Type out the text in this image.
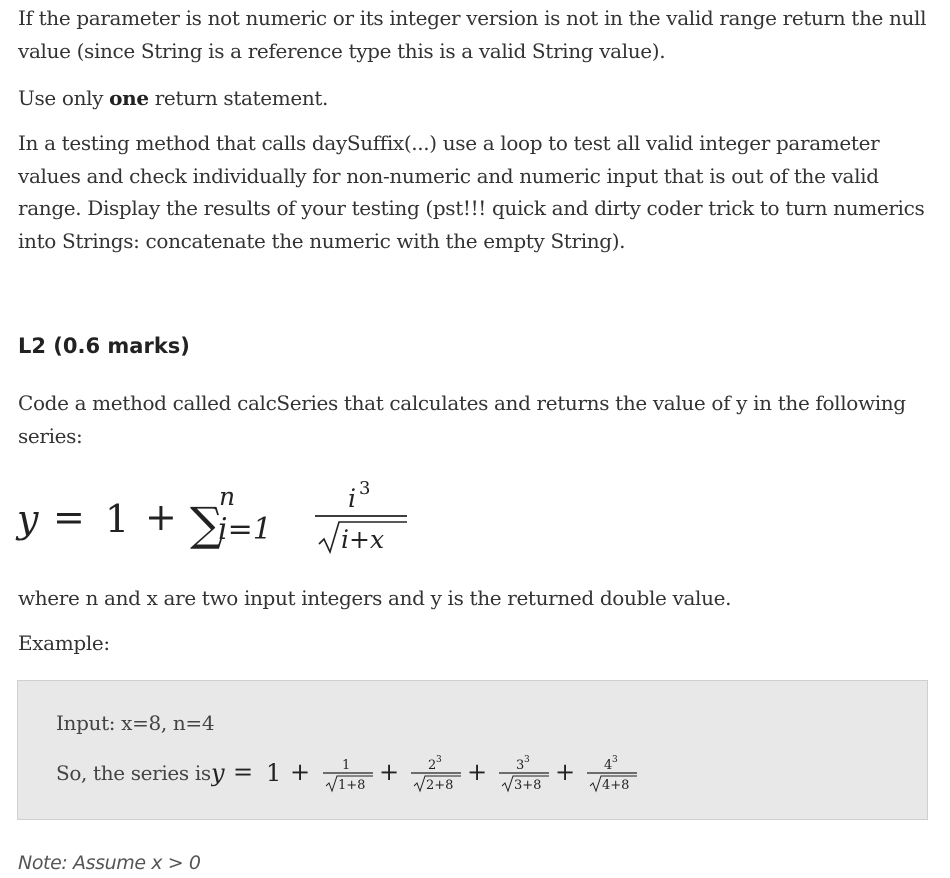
If the parameter is not numeric or its integer version is not in the valid range return the null value (since String is a reference type this is a valid String value).

Use only one return statement.

In a testing method that calls daySuffix(...) use a loop to test all valid integer parameter values and check individually for non-numeric and numeric input that is out of the valid range. Display the results of your testing (pst!!! quick and dirty coder trick to turn numerics into Strings: concatenate the numeric with the empty String).

L2 (0.6 marks)

Code a method called calcSeries that calculates and returns the value of y in the following series:

y = 1 + ∑
n
i=1
i 3
i+x

where n and x are two input integers and y is the returned double value.

Example:

Input: x=8, n=4

So, the series is y = 1 + 1
1+8 + 2 3
2+8 + 3 3
3+8 + 4 3
4+8

Note: Assume x > 0
